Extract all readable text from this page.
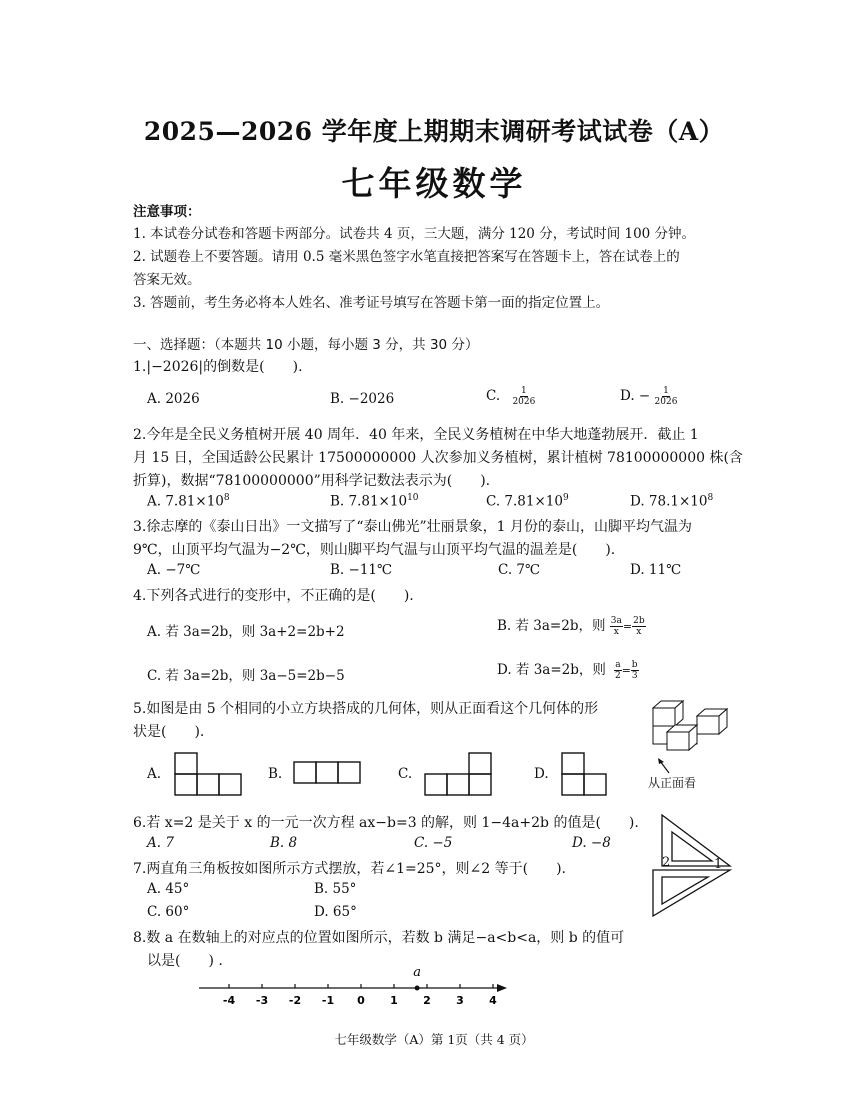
2025—2026 学年度上期期末调研考试试卷（A）
七年级数学
注意事项：
1. 本试卷分试卷和答题卡两部分。试卷共 4 页，三大题，满分 120 分，考试时间 100 分钟。
2. 试题卷上不要答题。请用 0.5 毫米黑色签字水笔直接把答案写在答题卡上，答在试卷上的
答案无效。
3. 答题前，考生务必将本人姓名、准考证号填写在答题卡第一面的指定位置上。
一、选择题：（本题共 10 小题，每小题 3 分，共 30 分）
1.|−2026|的倒数是(　　).
A. 2026	B. −2026	C. $\frac{1}{2026}$	D. − $\frac{1}{2026}$
2.今年是全民义务植树开展 40 周年．40 年来，全民义务植树在中华大地蓬勃展开．截止 1
月 15 日，全国适龄公民累计 17500000000 人次参加义务植树，累计植树 78100000000 株(含
折算)，数据“78100000000”用科学记数法表示为(　　).
A. $7.81\times 10^8$	B. $7.81\times 10^{10}$	C. $7.81\times 10^9$	D. $78.1\times 10^8$
3.徐志摩的《泰山日出》一文描写了“泰山佛光”壮丽景象，1 月份的泰山，山脚平均气温为
9℃，山顶平均气温为−2℃，则山脚平均气温与山顶平均气温的温差是(　　).
A. −7℃	B. −11℃	C. 7℃	D. 11℃
4.下列各式进行的变形中，不正确的是(　　).
A. 若 3a=2b，则 3a+2=2b+2	B. 若 3a=2b，则 $\frac{3a}{x} = \frac{2b}{x}$
C. 若 3a=2b，则 3a−5=2b−5	D. 若 3a=2b，则 $\frac{a}{2} = \frac{b}{3}$
5.如图是由 5 个相同的小立方块搭成的几何体，则从正面看这个几何体的形
状是(　　).
从正面看
A.	B.	C.	D.
6.若 x=2 是关于 x 的一元一次方程 ax−b=3 的解，则 1−4a+2b 的值是(　　).
A. 7	B. 8	C. −5	D. −8
2	1
7.两直角三角板按如图所示方式摆放，若∠1=25°，则∠2 等于(　　).
A. 45°	B. 55°
C. 60°	D. 65°
8.数 a 在数轴上的对应点的位置如图所示，若数 b 满足−a<b<a，则 b 的值可
以是(　　) .
-4 -3 -2 -1 0 1 2 3 4
a
七年级数学（A）第 1页（共 4 页）
